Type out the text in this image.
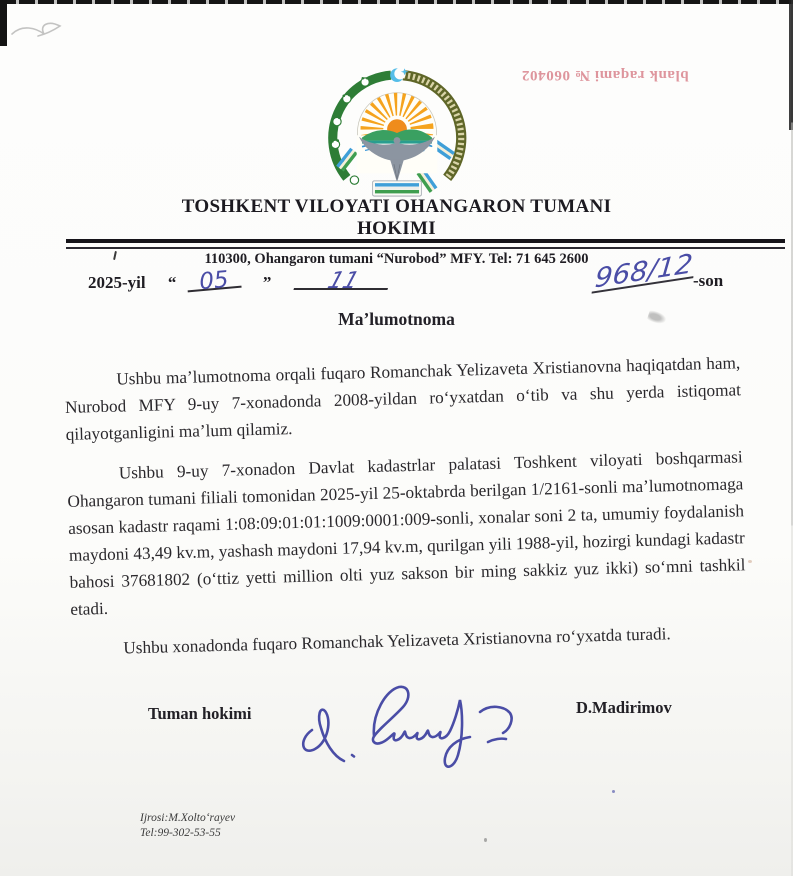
blank raqami № 060402
TOSHKENT VILOYATI OHANGARON TUMANI
HOKIMI
110300, Ohangaron tumani “Nurobod” MFY. Tel: 71 645 2600
2025-yil “ 05 ” 11	968/12-son
Ma’lumotnoma

Ushbu ma’lumotnoma orqali fuqaro Romanchak Yelizaveta Xristianovna haqiqatdan ham, Nurobod MFY 9-uy 7-xonadonda 2008-yildan ro‘yxatdan o‘tib va shu yerda istiqomat qilayotganligini ma’lum qilamiz.

Ushbu 9-uy 7-xonadon Davlat kadastrlar palatasi Toshkent viloyati boshqarmasi Ohangaron tumani filiali tomonidan 2025-yil 25-oktabrda berilgan 1/2161-sonli ma’lumotnomaga asosan kadastr raqami 1:08:09:01:01:1009:0001:009-sonli, xonalar soni 2 ta, umumiy foydalanish maydoni 43,49 kv.m, yashash maydoni 17,94 kv.m, qurilgan yili 1988-yil, hozirgi kundagi kadastr bahosi 37681802 (o‘ttiz yetti million olti yuz sakson bir ming sakkiz yuz ikki) so‘mni tashkil etadi.

Ushbu xonadonda fuqaro Romanchak Yelizaveta Xristianovna ro‘yxatda turadi.

Tuman hokimi	D.Madirimov
Ijrosi:M.Xolto‘rayev
Tel:99-302-53-55
